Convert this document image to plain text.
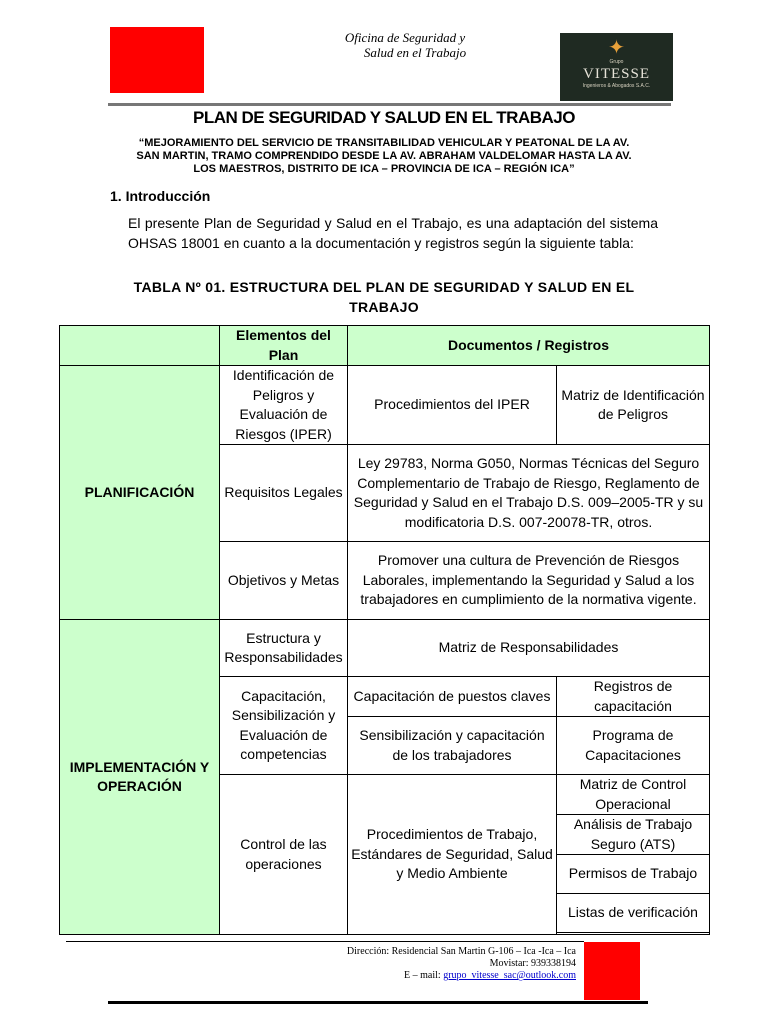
Oficina de Seguridad y
Salud en el Trabajo	✦
Grupo
VITESSE
Ingenieros & Abogados S.A.C.
PLAN DE SEGURIDAD Y SALUD EN EL TRABAJO
“MEJORAMIENTO DEL SERVICIO DE TRANSITABILIDAD VEHICULAR Y PEATONAL DE LA AV.
SAN MARTIN, TRAMO COMPRENDIDO DESDE LA AV. ABRAHAM VALDELOMAR HASTA LA AV.
LOS MAESTROS, DISTRITO DE ICA – PROVINCIA DE ICA – REGIÓN ICA”
1. Introducción
El presente Plan de Seguridad y Salud en el Trabajo, es una adaptación del sistema OHSAS 18001 en cuanto a la documentación y registros según la siguiente tabla:
TABLA Nº 01. ESTRUCTURA DEL PLAN DE SEGURIDAD Y SALUD EN EL
TRABAJO
	Elementos del Plan	Documentos / Registros	
PLANIFICACIÓN	Identificación de Peligros y Evaluación de Riesgos (IPER)	Procedimientos del IPER	Matriz de Identificación de Peligros
	Requisitos Legales	Ley 29783, Norma G050, Normas Técnicas del Seguro Complementario de Trabajo de Riesgo, Reglamento de Seguridad y Salud en el Trabajo D.S. 009–2005-TR y su modificatoria D.S. 007-20078-TR, otros.	
	Objetivos y Metas	Promover una cultura de Prevención de Riesgos Laborales, implementando la Seguridad y Salud a los trabajadores en cumplimiento de la normativa vigente.	
IMPLEMENTACIÓN Y OPERACIÓN	Estructura y Responsabilidades	Matriz de Responsabilidades	
	Capacitación, Sensibilización y Evaluación de competencias	Capacitación de puestos claves	Registros de capacitación
		Sensibilización y capacitación de los trabajadores	Programa de Capacitaciones
	Control de las operaciones	Procedimientos de Trabajo, Estándares de Seguridad, Salud y Medio Ambiente	Matriz de Control Operacional
			Análisis de Trabajo Seguro (ATS)
			Permisos de Trabajo
			Listas de verificación

Dirección: Residencial San Martin G-106 – Ica -Ica – Ica
Movistar: 939338194
E – mail: grupo_vitesse_sac@outlook.com
